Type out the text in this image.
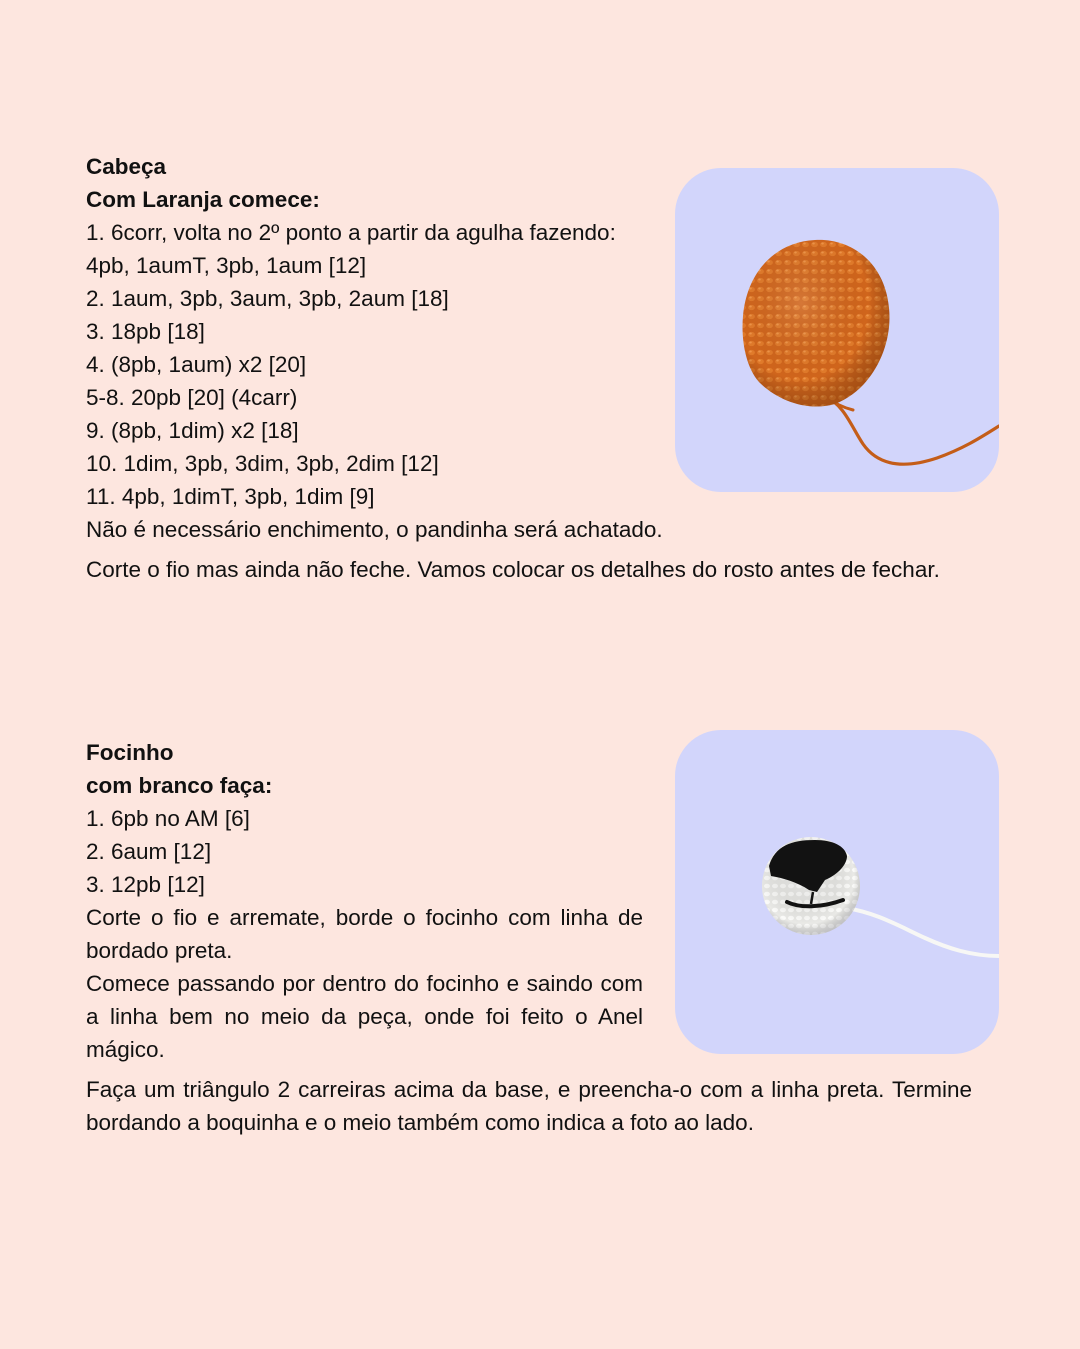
Cabeça
Com Laranja comece:
1. 6corr, volta no 2º ponto a partir da agulha fazendo:
4pb, 1aumT, 3pb, 1aum [12]
2. 1aum, 3pb, 3aum, 3pb, 2aum [18]
3. 18pb [18]
4. (8pb, 1aum) x2 [20]
5-8. 20pb [20] (4carr)
9. (8pb, 1dim) x2 [18]
10. 1dim, 3pb, 3dim, 3pb, 2dim [12]
11. 4pb, 1dimT, 3pb, 1dim [9]
Não é necessário enchimento, o pandinha será achatado.
Corte o fio mas ainda não feche. Vamos colocar os detalhes do rosto antes de fechar.
Focinho
com branco faça:
1. 6pb no AM [6]
2. 6aum [12]
3. 12pb [12]
Corte o fio e arremate, borde o focinho com linha de bordado preta.
Comece passando por dentro do focinho e saindo com a linha bem no meio da peça, onde foi feito o Anel mágico.
Faça um triângulo 2 carreiras acima da base, e preencha-o com a linha preta. Termine bordando a boquinha e o meio também como indica a foto ao lado.
